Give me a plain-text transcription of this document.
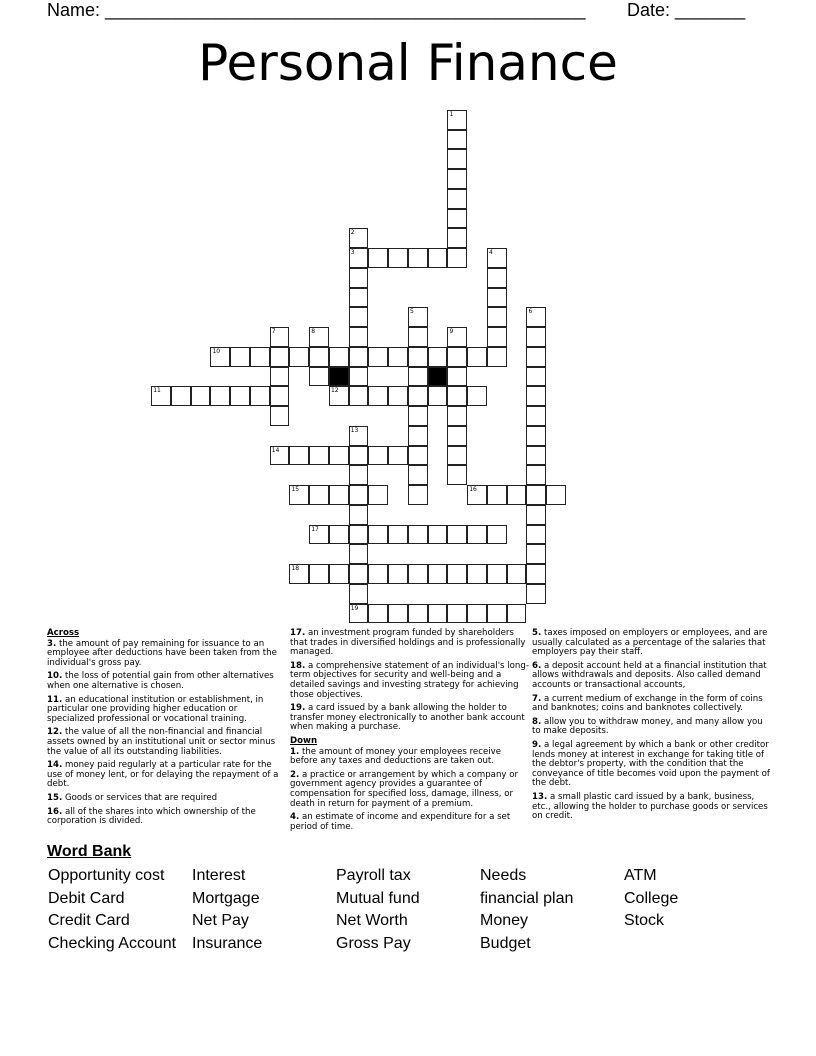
Name: ________________________________________________ Date: _______
Personal Finance
1
2
3	4
5	6
7	8	9
10
11	12
13
19
14
15	16
17
18
Across
3. the amount of pay remaining for issuance to an employee after deductions have been taken from the individual's gross pay.
10. the loss of potential gain from other alternatives when one alternative is chosen.
11. an educational institution or establishment, in particular one providing higher education or specialized professional or vocational training.
12. the value of all the non-financial and financial assets owned by an institutional unit or sector minus the value of all its outstanding liabilities.
14. money paid regularly at a particular rate for the use of money lent, or for delaying the repayment of a debt.
15. Goods or services that are required
16. all of the shares into which ownership of the corporation is divided.
17. an investment program funded by shareholders that trades in diversified holdings and is professionally managed.
18. a comprehensive statement of an individual's long-term objectives for security and well-being and a detailed savings and investing strategy for achieving those objectives.
19. a card issued by a bank allowing the holder to transfer money electronically to another bank account when making a purchase.
Down
1. the amount of money your employees receive before any taxes and deductions are taken out.
2. a practice or arrangement by which a company or government agency provides a guarantee of compensation for specified loss, damage, illness, or death in return for payment of a premium.
4. an estimate of income and expenditure for a set period of time.
5. taxes imposed on employers or employees, and are usually calculated as a percentage of the salaries that employers pay their staff.
6. a deposit account held at a financial institution that allows withdrawals and deposits. Also called demand accounts or transactional accounts,
7. a current medium of exchange in the form of coins and banknotes; coins and banknotes collectively.
8. allow you to withdraw money, and many allow you to make deposits.
9. a legal agreement by which a bank or other creditor lends money at interest in exchange for taking title of the debtor's property, with the condition that the conveyance of title becomes void upon the payment of the debt.
13. a small plastic card issued by a bank, business, etc., allowing the holder to purchase goods or services on credit.
Word Bank
Opportunity cost	Interest	Payroll tax	Needs	ATM
Debit Card	Mortgage	Mutual fund	financial plan	College
Credit Card	Net Pay	Net Worth	Money	Stock
Checking Account Insurance	Gross Pay	Budget
